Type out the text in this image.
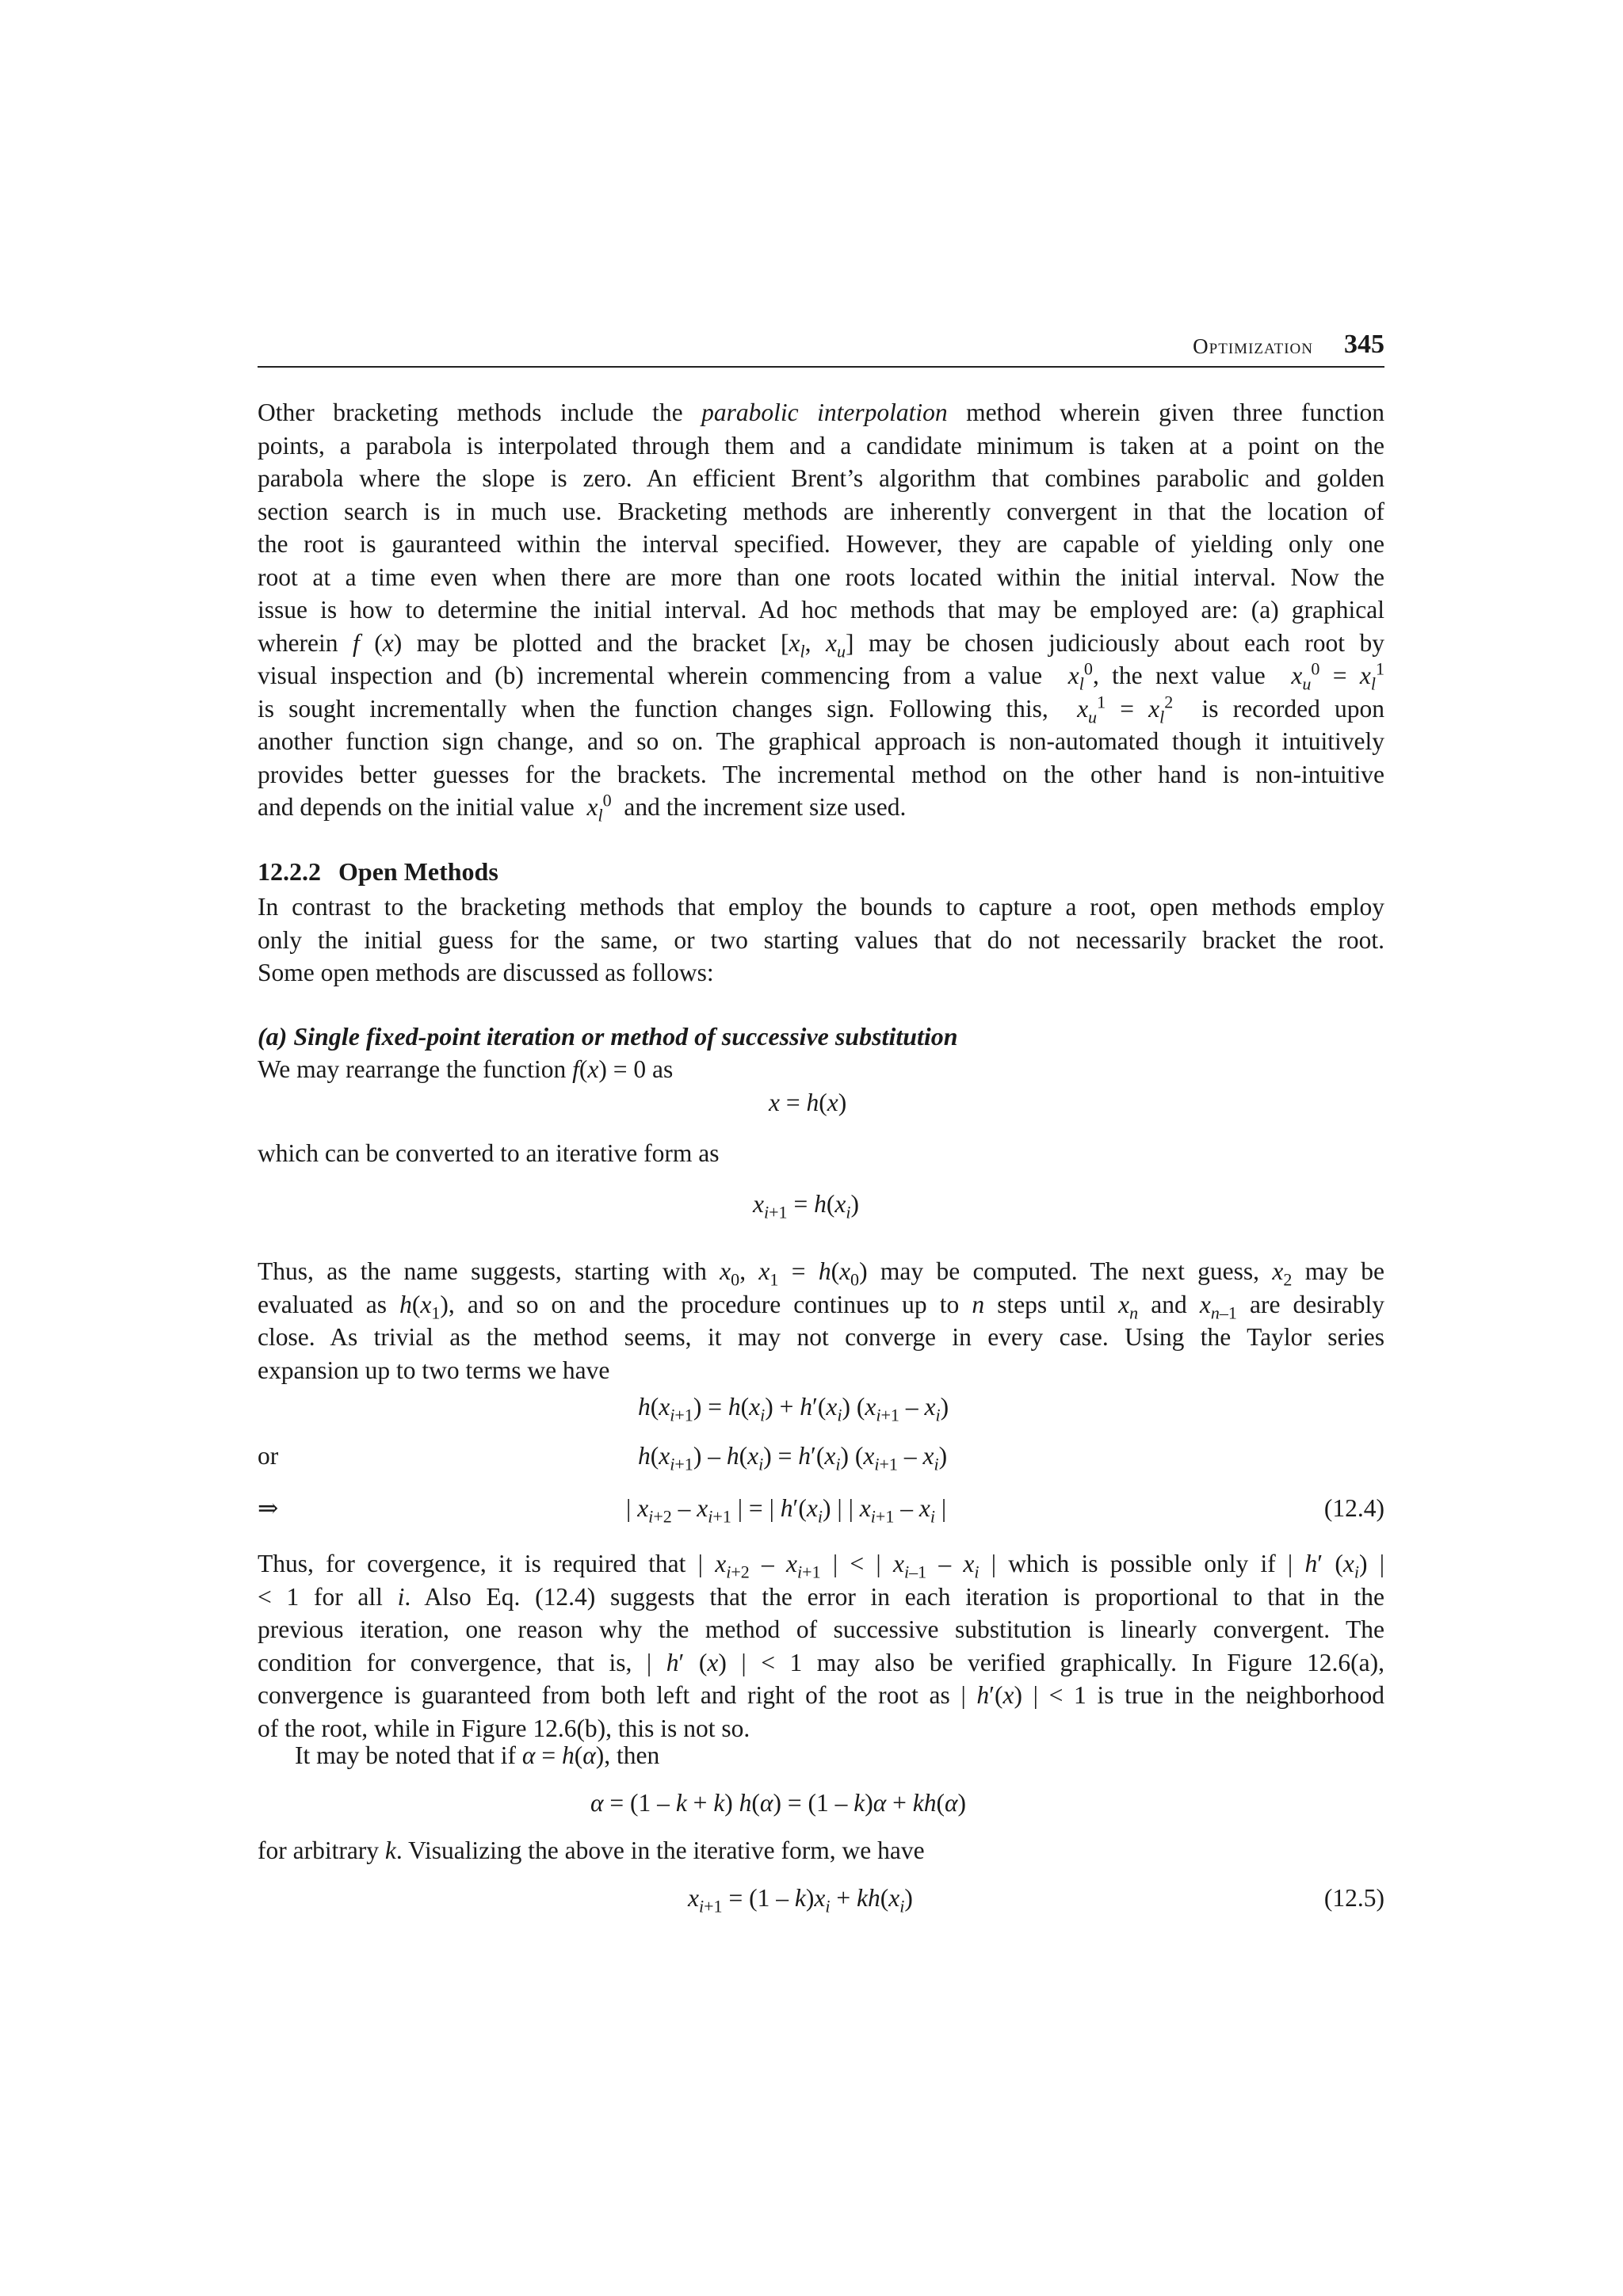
Optimization 345
Other bracketing methods include the parabolic interpolation method wherein given three function
points, a parabola is interpolated through them and a candidate minimum is taken at a point on the
parabola where the slope is zero. An efficient Brent’s algorithm that combines parabolic and golden
section search is in much use. Bracketing methods are inherently convergent in that the location of
the root is gauranteed within the interval specified. However, they are capable of yielding only one
root at a time even when there are more than one roots located within the initial interval. Now the
issue is how to determine the initial interval. Ad hoc methods that may be employed are: (a) graphical
wherein f (x) may be plotted and the bracket [$x_l$, $x_u$] may be chosen judiciously about each root by
visual inspection and (b) incremental wherein commencing from a value  $x_l^0$, the next value  $x_u^0 = x_l^1$
is sought incrementally when the function changes sign. Following this,  $x_u^1 = x_l^2$  is recorded upon
another function sign change, and so on. The graphical approach is non-automated though it intuitively
provides better guesses for the brackets. The incremental method on the other hand is non-intuitive
and depends on the initial value  $x_l^0$  and the increment size used.
12.2.2 Open Methods
In contrast to the bracketing methods that employ the bounds to capture a root, open methods employ
only the initial guess for the same, or two starting values that do not necessarily bracket the root.
Some open methods are discussed as follows:
(a) Single fixed-point iteration or method of successive substitution
We may rearrange the function f(x) = 0 as
x = h(x)
which can be converted to an iterative form as
$x_{i+1} = h(x_i)$
Thus, as the name suggests, starting with $x_0$, $x_1 = h(x_0)$ may be computed. The next guess, $x_2$ may be
evaluated as $h(x_1)$, and so on and the procedure continues up to n steps until $x_n$ and $x_{n-1}$ are desirably
close. As trivial as the method seems, it may not converge in every case. Using the Taylor series
expansion up to two terms we have
$h(x_{i+1}) = h(x_i) + h'(x_i)$ $(x_{i+1} - x_i)$
or	$h(x_{i+1}) - h(x_i) = h'(x_i)$ $(x_{i+1} - x_i)$
⇒	| $x_{i+2} - x_{i+1}$ | = | $h'(x_i)$ | | $x_{i+1} - x_i$ |	(12.4)
Thus, for covergence, it is required that | $x_{i+2} - x_{i+1}$ | < | $x_{i-1} - x_i$ | which is possible only if | h′ $(x_i)$ |
< 1 for all i. Also Eq. (12.4) suggests that the error in each iteration is proportional to that in the
previous iteration, one reason why the method of successive substitution is linearly convergent. The
condition for convergence, that is, | h′ (x) | < 1 may also be verified graphically. In Figure 12.6(a),
convergence is guaranteed from both left and right of the root as | h′(x) | < 1 is true in the neighborhood
of the root, while in Figure 12.6(b), this is not so.
It may be noted that if α = h(α), then
α = (1 – k + k) h(α) = (1 – k)α + kh(α)
for arbitrary k. Visualizing the above in the iterative form, we have
$x_{i+1} = (1 - k)x_i + kh(x_i)$	(12.5)
